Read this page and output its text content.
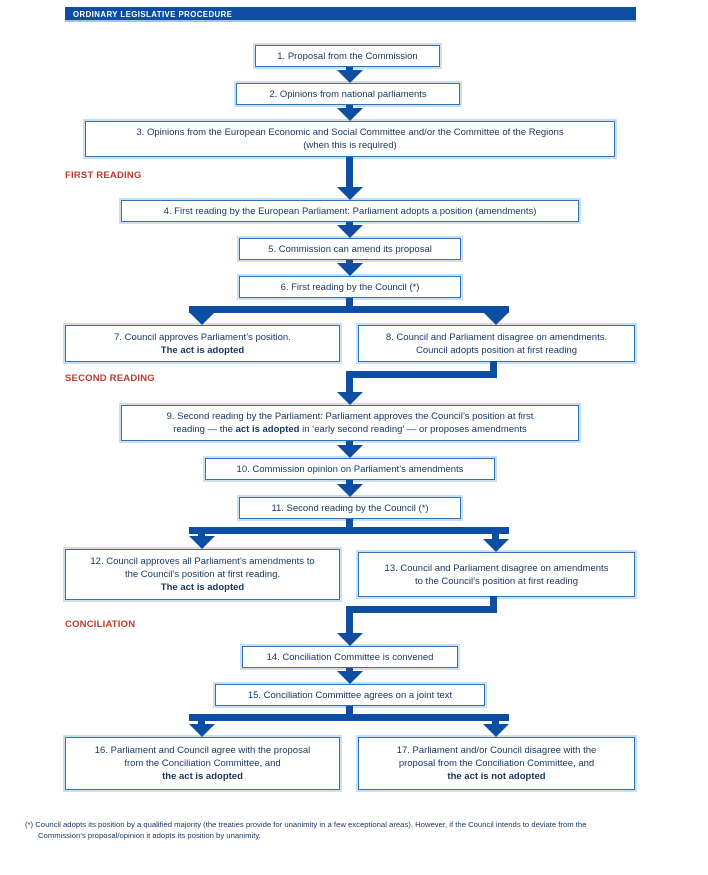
ORDINARY LEGISLATIVE PROCEDURE
FIRST READING
SECOND READING
CONCILIATION
1. Proposal from the Commission
2. Opinions from national parliaments
3. Opinions from the European Economic and Social Committee and/or the Committee of the Regions
(when this is required)
4. First reading by the European Parliament: Parliament adopts a position (amendments)
5. Commission can amend its proposal
6. First reading by the Council (*)
7. Council approves Parliament’s position.
The act is adopted
8. Council and Parliament disagree on amendments.
Council adopts position at first reading
9. Second reading by the Parliament: Parliament approves the Council’s position at first
reading — the act is adopted in ‘early second reading’ — or proposes amendments
10. Commission opinion on Parliament’s amendments
11. Second reading by the Council (*)
12. Council approves all Parliament’s amendments to
the Council’s position at first reading.
The act is adopted
13. Council and Parliament disagree on amendments
to the Council’s position at first reading
14. Conciliation Committee is convened
15. Conciliation Committee agrees on a joint text
16. Parliament and Council agree with the proposal
from the Conciliation Committee, and
the act is adopted
17. Parliament and/or Council disagree with the
proposal from the Conciliation Committee, and
the act is not adopted
(*) Council adopts its position by a qualified majority (the treaties provide for unanimity in a few exceptional areas). However, if the Council intends to deviate from the
Commission’s proposal/opinion it adopts its position by unanimity.
